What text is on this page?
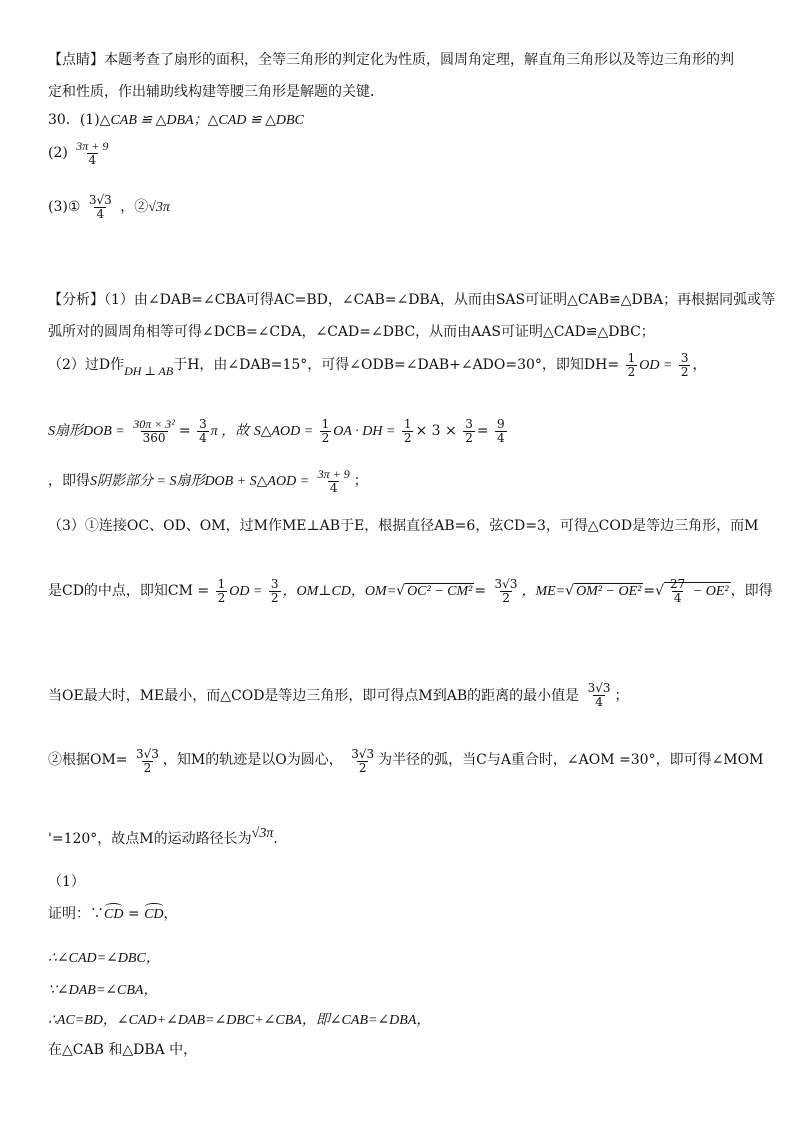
【点睛】本题考查了扇形的面积，全等三角形的判定化为性质，圆周角定理，解直角三角形以及等边三角形的判
定和性质，作出辅助线构建等腰三角形是解题的关键．
30．(1)△CAB ≌ △DBA；△CAD ≌ △DBC
$(2) \frac{3\pi + 9}{4}$
(3)① $\frac{3√3}{4}$ ，②√3π
【分析】（1）由∠DAB=∠CBA可得AC=BD，∠CAB=∠DBA，从而由SAS可证明△CAB≌△DBA；再根据同弧或等
弧所对的圆周角相等可得∠DCB=∠CDA，∠CAD=∠DBC，从而由AAS可证明△CAD≌△DBC；
（2）过D作DH ⊥ AB于H，由∠DAB=15°，可得∠ODB=∠DAB+∠ADO=30°，即知$DH= \frac{1}{2}$ OD = $\frac{3}{2}$ ，
S扇形DOB = $\frac{\text{30π × 3²}}{360} = \frac{3}{4}$ π ，故 S△AOD = $\frac{1}{2}$ OA · DH = $\frac{1}{2} \times 3 \times \frac{3}{2} = \frac{9}{4}$
，即得S阴影部分 = S扇形DOB + S△AOD = $\frac{3\pi + 9}{4}$ ；
（3）①连接OC、OD、OM，过M作ME⊥AB于E，根据直径AB=6，弦CD=3，可得△COD是等边三角形，而M
是CD的中点，即知CM = $\frac{1}{2}$ OD = $\frac{3}{2}$ ，OM⊥CD，OM=√ $OC^2 - CM^2 = \frac{3√3}{2}$ ，ME=√ OM² − OE² =√ $\frac{27}{4} - OE^2$ ，即得
当OE最大时，ME最小，而△COD是等边三角形，即可得点M到AB的距离的最小值是 $\frac{3√3}{4}$ ；
②根据$OM= \frac{3√3}{2}$ ，知M的轨迹是以O为圆心， $\frac{3√3}{2}$ 为半径的弧，当C与A重合时，∠AOM =30°，即可得∠MOM
'=120°，故点M的运动路径长为√3π．
（1）
证明：∵CD = CD，
∴∠CAD=∠DBC，
∵∠DAB=∠CBA，
∴AC=BD，∠CAD+∠DAB=∠DBC+∠CBA，即∠CAB=∠DBA，
在△CAB 和△DBA 中，
